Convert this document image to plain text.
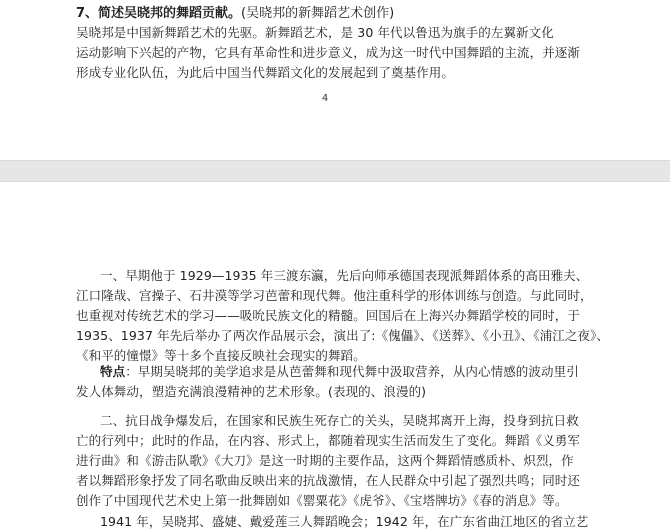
7、简述吴晓邦的舞蹈贡献。(吴晓邦的新舞蹈艺术创作)
吴晓邦是中国新舞蹈艺术的先驱。新舞蹈艺术，是 30 年代以鲁迅为旗手的左翼新文化
运动影响下兴起的产物，它具有革命性和进步意义，成为这一时代中国舞蹈的主流，并逐渐
形成专业化队伍，为此后中国当代舞蹈文化的发展起到了奠基作用。
4
一、早期他于 1929—1935 年三渡东瀛，先后向师承德国表现派舞蹈体系的高田雅夫、
江口隆哉、宫操子、石井漠等学习芭蕾和现代舞。他注重科学的形体训练与创造。与此同时，
也重视对传统艺术的学习——吸吮民族文化的精髓。回国后在上海兴办舞蹈学校的同时，于
1935、1937 年先后举办了两次作品展示会，演出了:《傀儡》、《送葬》、《小丑》、《浦江之夜》、
《和平的憧憬》等十多个直接反映社会现实的舞蹈。
特点：早期吴晓邦的美学追求是从芭蕾舞和现代舞中汲取营养，从内心情感的波动里引
发人体舞动，塑造充满浪漫精神的艺术形象。(表现的、浪漫的)
二、抗日战争爆发后，在国家和民族生死存亡的关头，吴晓邦离开上海，投身到抗日救
亡的行列中；此时的作品，在内容、形式上，都随着现实生活而发生了变化。舞蹈《义勇军
进行曲》和《游击队歌》《大刀》是这一时期的主要作品，这两个舞蹈情感质朴、炽烈，作
者以舞蹈形象抒发了同名歌曲反映出来的抗战激情，在人民群众中引起了强烈共鸣；同时还
创作了中国现代艺术史上第一批舞剧如《罂粟花》《虎爷》、《宝塔牌坊》《春的消息》等。
1941 年，吴晓邦、盛婕、戴爱莲三人舞蹈晚会；1942 年，在广东省曲江地区的省立艺
